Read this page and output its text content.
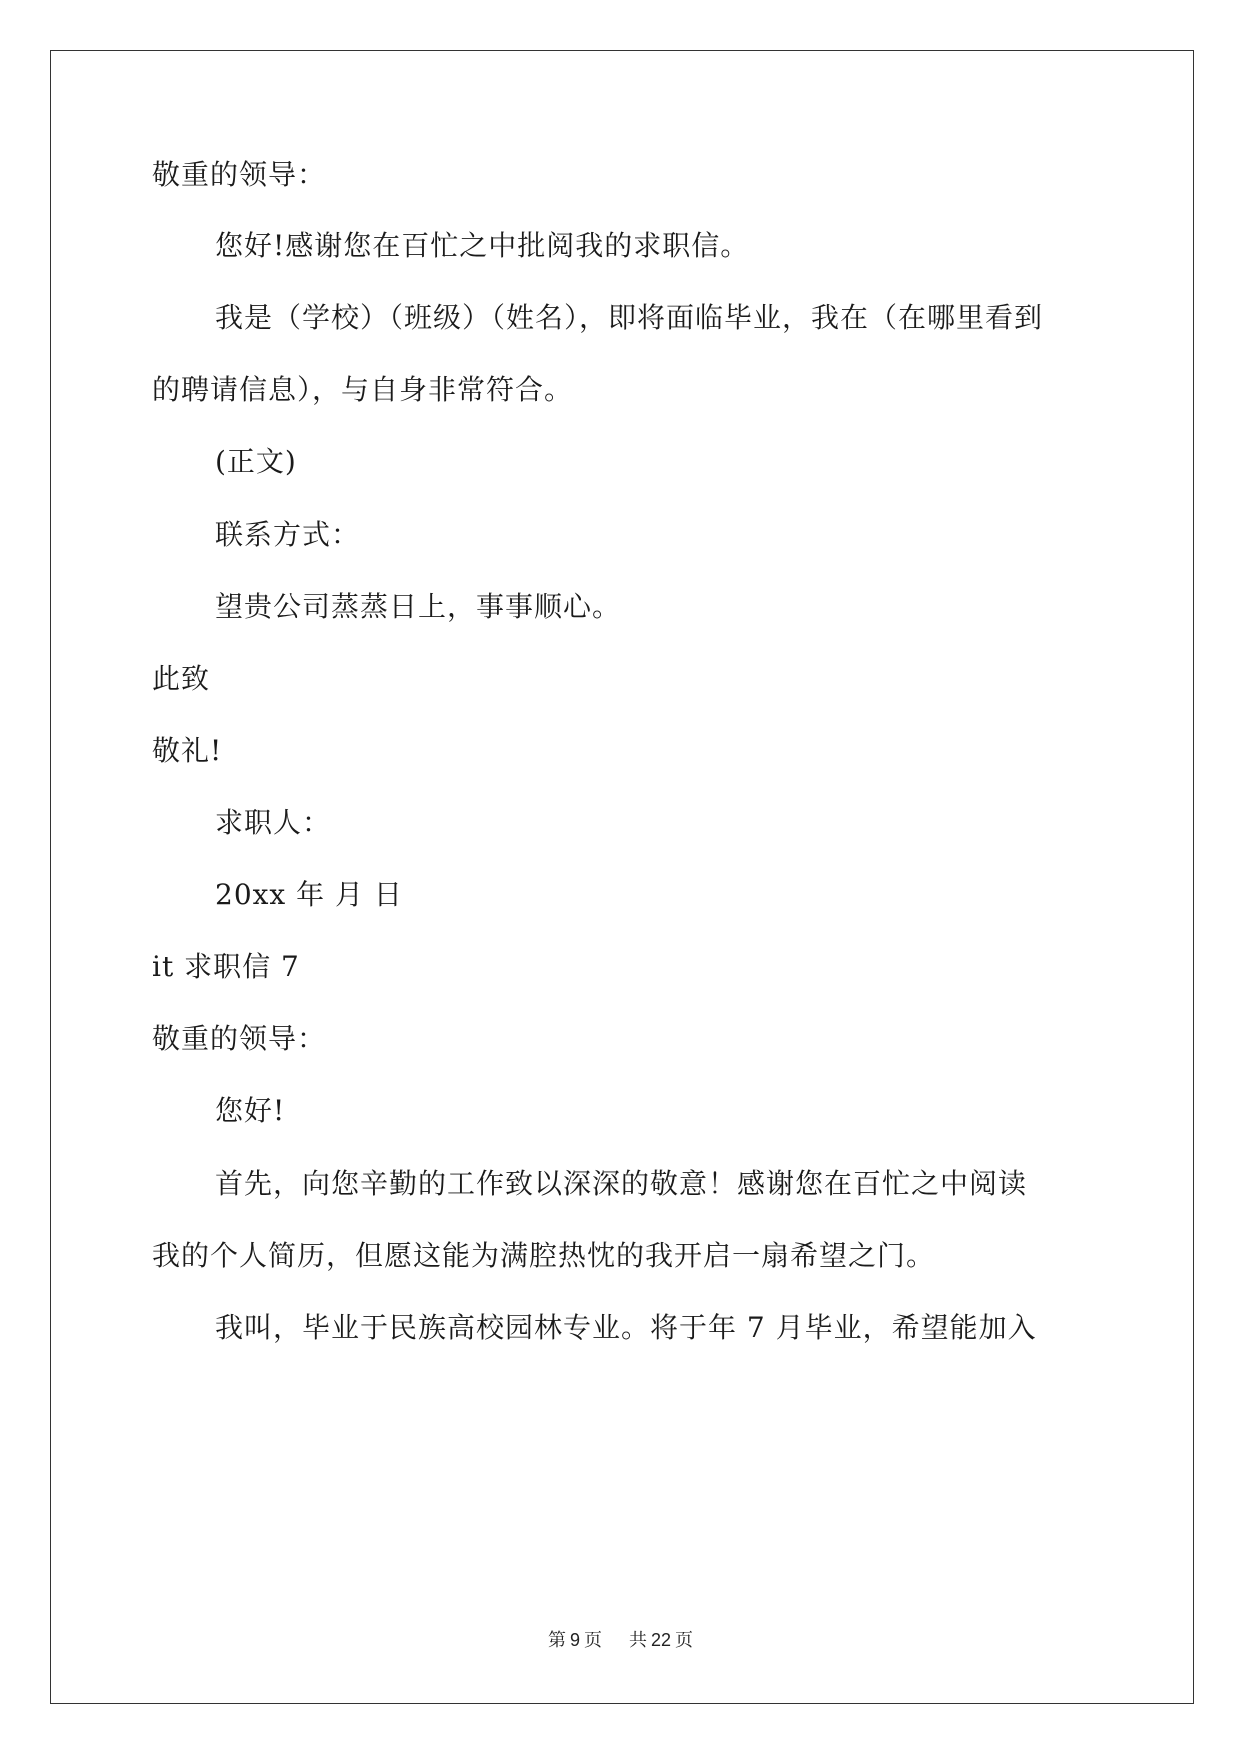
敬重的领导：
您好!感谢您在百忙之中批阅我的求职信。
我是（学校）（班级）（姓名），即将面临毕业，我在（在哪里看到
的聘请信息），与自身非常符合。
(正文)
联系方式：
望贵公司蒸蒸日上，事事顺心。
此致
敬礼!
求职人：
20xx 年 月 日
it 求职信 7
敬重的领导：
您好!
首先，向您辛勤的工作致以深深的敬意！感谢您在百忙之中阅读
我的个人简历，但愿这能为满腔热忱的我开启一扇希望之门。
我叫，毕业于民族高校园林专业。将于年 7 月毕业，希望能加入
第 9 页 共 22 页
